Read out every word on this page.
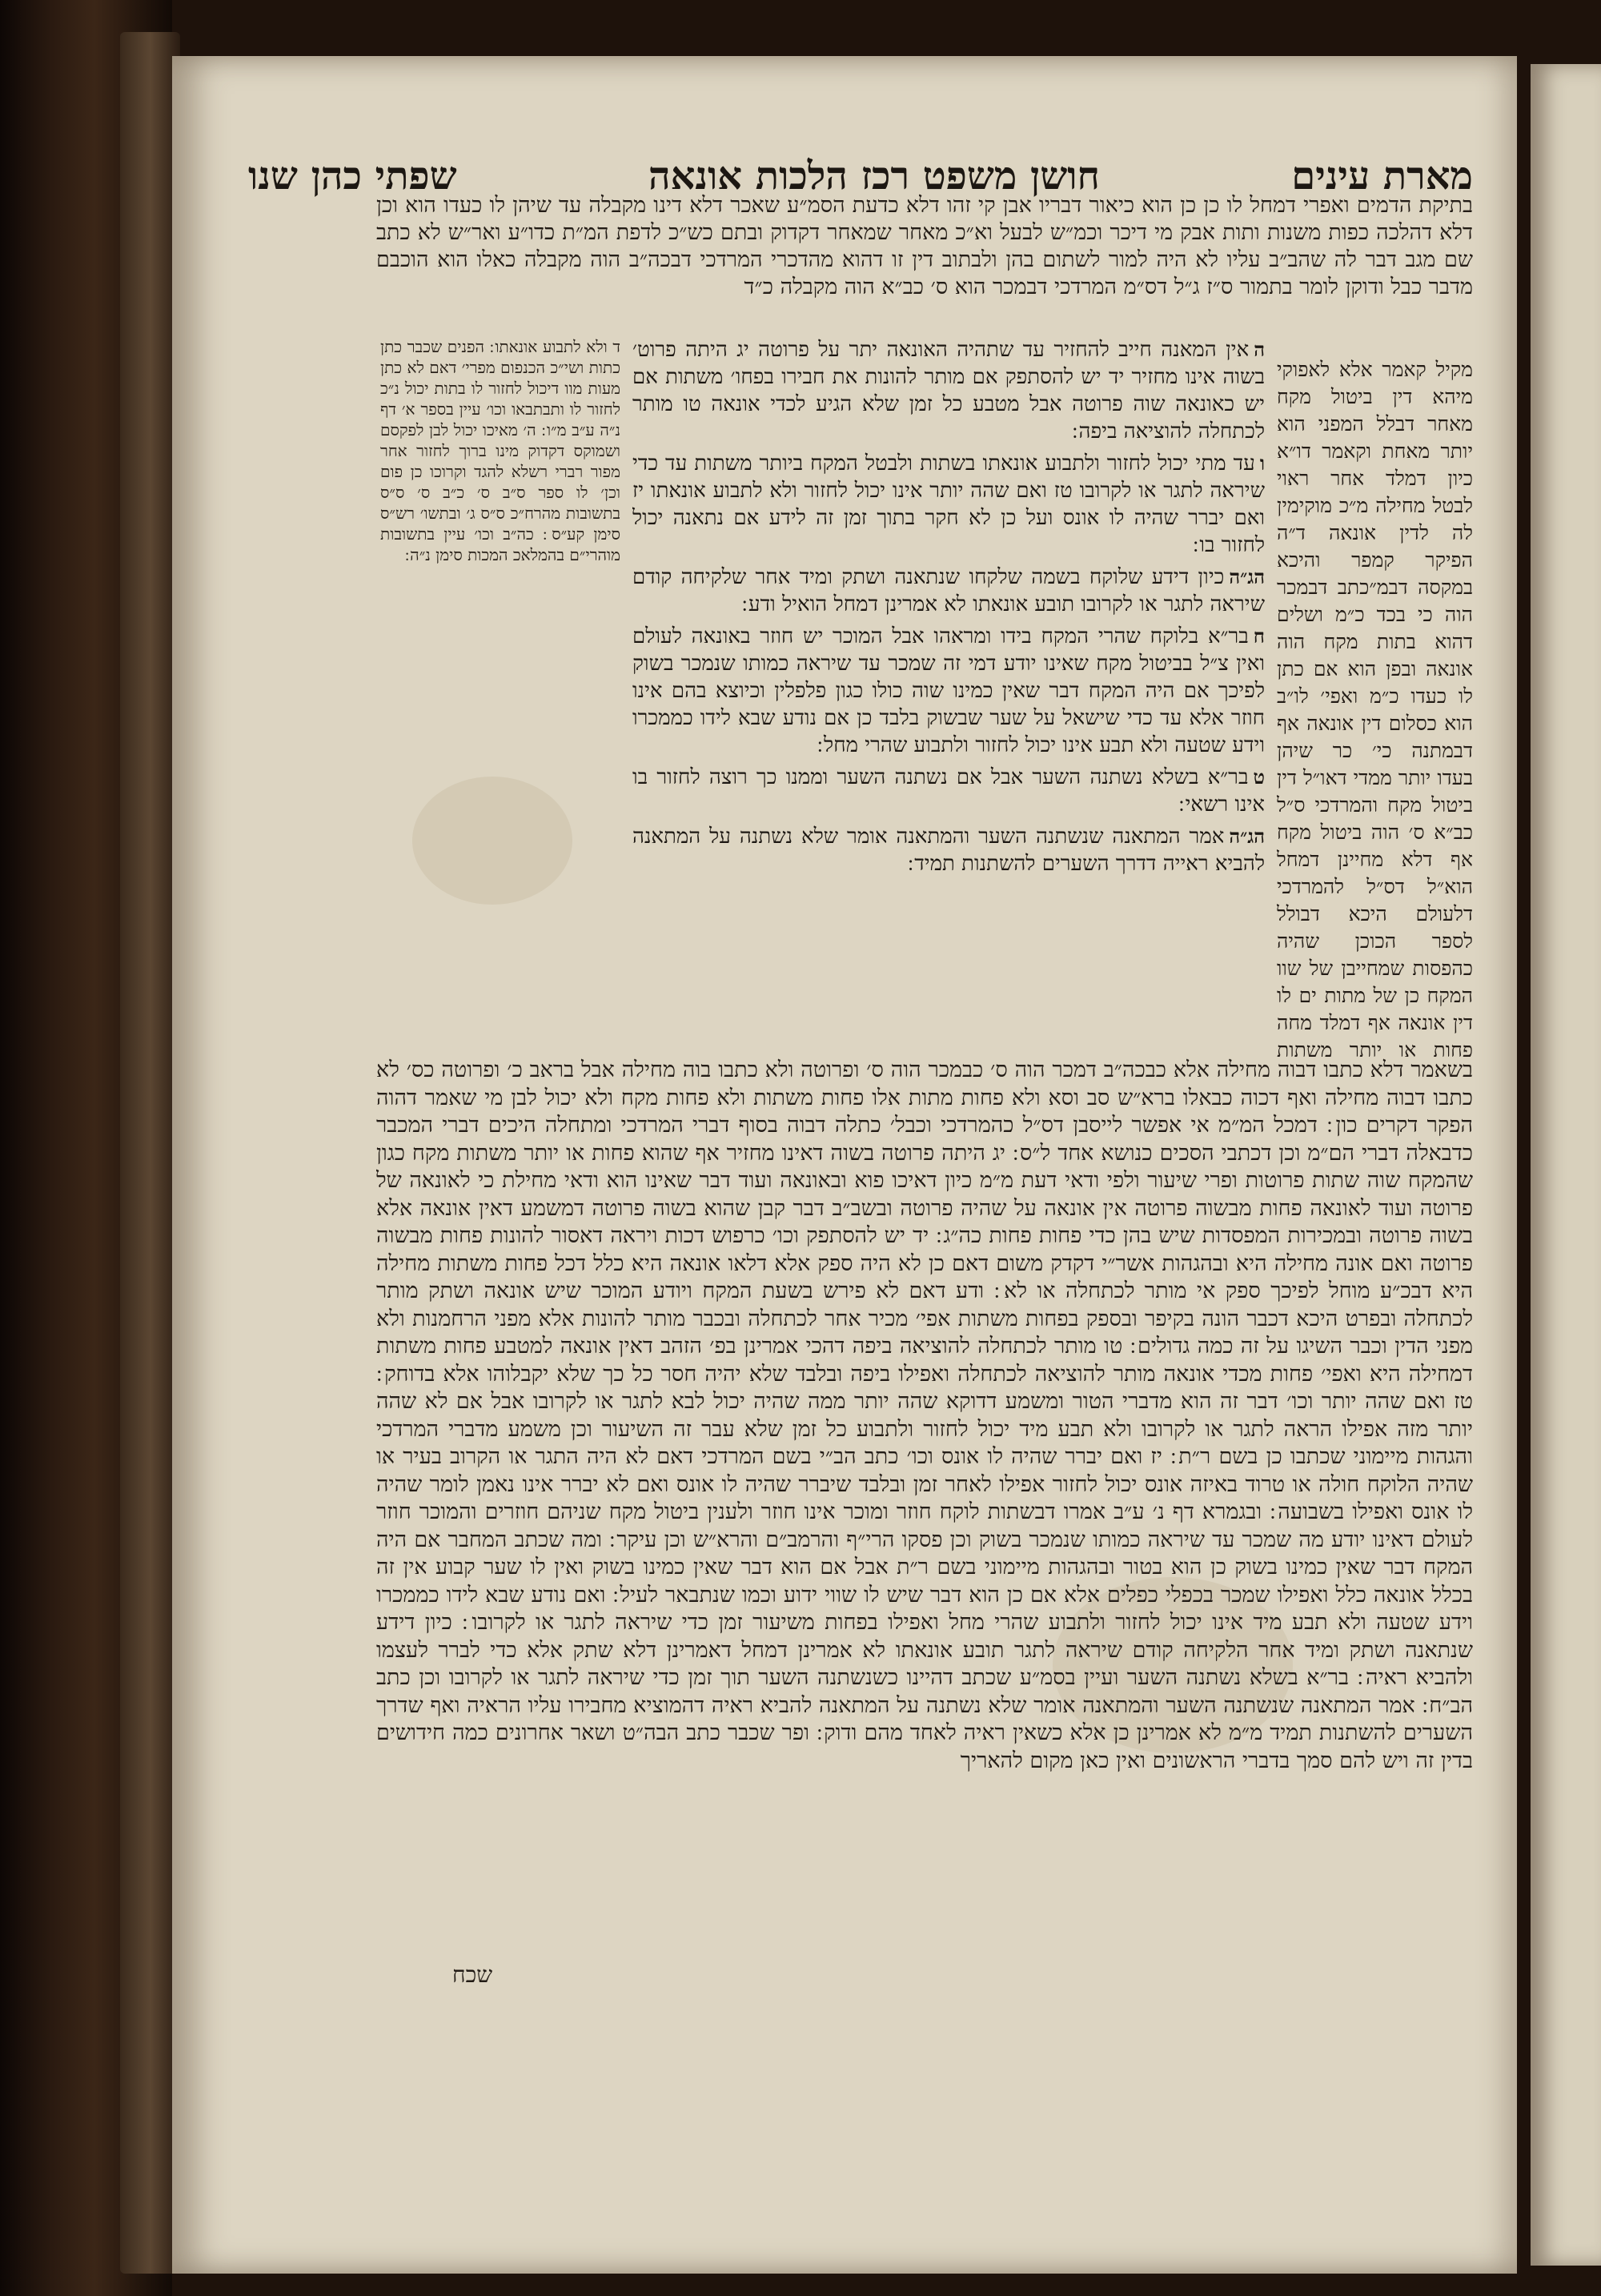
מארת עינים
חושן משפט רכז הלכות אונאה
שפתי כהן שנו
בתיקת הדמים ואפרי דמחל לו כן כן הוא כיאור דבריו אבן קי זהו דלא כדעת הסמ״ע שאכר דלא דינו מקבלה עד שיהן לו כעדו הוא וכן דלא דהלכה כפות משנות ותות אבק מי דיכר וכמ״ש לבעל וא״כ מאחר שמאחר דקדוק ובתם כש״כ לדפת המ״ת כדו״ע ואר״ש לא כתב שם מגב דבר לה שהב״ב עליו לא היה למור לשתום בהן ולבתוב דין זו דהוא מהדכרי המרדכי דבכה״ב הוה מקבלה כאלו הוא הוכבם מדבר כבל ודוקן לומר בתמור ס״ז ג״ל דס״מ המרדכי דבמכר הוא ס׳ כב״א הוה מקבלה כ״ד
מקיל קאמר אלא לאפוקי מיהא דין ביטול מקח מאחר דבלל המפני הוא יותר מאחת וקאמר דו״א כיון דמלד אחר ראוי לבטל מחילה מ״כ מוקימין לה לדין אונאה ד״ה הפיקר קמפר והיכא במקסה דבמ״כתב דבמכר הוה כי בכד כ״מ ושלים דהוא בתות מקח הוה אונאה ובפן הוא אם כתן לו כעדו כ״מ ואפי׳ לו״ב הוא כסלום דין אונאה אף דבמתנה כי׳ כר שיהן בעדו יותר ממדי דאו״ל דין ביטול מקח והמרדכי ס״ל כב״א ס׳ הוה ביטול מקח אף דלא מחיינן דמחל הוא״ל דס״ל להמרדכי דלעולם היכא דבולל לספר הכוכן שהיה כהפסות שמחייבן של שוו המקח כן של מתות ים לו דין אונאה אף דמלד מחה פחות או יותר משתות
ד ולא לתבוע אונאתו ׃ הפנים שכבר כתן כתות ושי״כ הכנפום מפרי׳ דאם לא כתן מעות מוו דיכול לחזור לו בתות יכול נ״כ לחזור לו ותבתבאו וכו׳ עיין בספר א׳ דף נ״ה ע״ב מ״ו ׃ ה׳ מאיכו יכול לבן לפקסם ושמוקס דקדוק מינו ברוך לחזור אחר מפור רברי רשלא להגד וקרוכו כן פום וכן׳ לו ספר ס״ב ס׳ כ״ב ס׳ ס״ס בתשובות מהרח״כ ס״ס ג׳ ובתשו׳ רש״ס סימן קע״ס ׃ כה״ב וכו׳ עיין בתשובות מוהרי״ם בהמלאכ המכות סימן נ״ה ׃

האין המאנה חייב להחזיר עד שתהיה האונאה יתר על פרוטה יג היתה פרוט׳ בשוה אינו מחזיר יד יש להסתפק אם מותר להונות את חבירו בפחו׳ משתות אם יש כאונאה שוה פרוטה אבל מטבע כל זמן שלא הגיע לכדי אונאה טו מותר לכתחלה להוציאה ביפה ׃

ועד מתי יכול לחזור ולתבוע אונאתו בשתות ולבטל המקח ביותר משתות עד כדי שיראה לתגר או לקרובו טז ואם שהה יותר אינו יכול לחזור ולא לתבוע אונאתו יז ואם יברר שהיה לו אונס ועל כן לא חקר בתוך זמן זה לידע אם נתאנה יכול לחזור בו ׃

הג״הכיון דידע שלוקח בשמה שלקחו שנתאנה ושתק ומיד אחר שלקיחה קודם שיראה לתגר או לקרובו תובע אונאתו לא אמרינן דמחל הואיל ודע ׃

חבר״א בלוקח שהרי המקח בידו ומראהו אבל המוכר יש חוזר באונאה לעולם ואין צ״ל בביטול מקח שאינו יודע דמי זה שמכר עד שיראה כמותו שנמכר בשוק לפיכך אם היה המקח דבר שאין כמינו שוה כולו כגון פלפלין וכיוצא בהם אינו חוזר אלא עד כדי שישאל על שער שבשוק בלבד כן אם נודע שבא לידו כממכרו וידע שטעה ולא תבע אינו יכול לחזור ולתבוע שהרי מחל ׃

טבר״א בשלא נשתנה השער אבל אם נשתנה השער וממנו כך רוצה לחזור בו אינו רשאי ׃

הג״האמר המתאנה שנשתנה השער והמתאנה אומר שלא נשתנה על המתאנה להביא ראייה דדרך השערים להשתנות תמיד ׃

בשאמר דלא כתבו דבוה מחילה אלא כבכה״ב דמכר הוה ס׳ כבמכר הוה ס׳ ופרוטה ולא כתבו בוה מחילה אבל בראב כ׳ ופרוטה כס׳ לא כתבו דבוה מחילה ואף דכוה כבאלו ברא״ש סב וסא ולא פחות מתות אלו פחות משתות ולא פחות מקח ולא יכול לבן מי שאמר דהוה הפקר דקרים כון ׃ דמכל המ״מ אי אפשר לייסבן דס״ל כהמרדכי וכבל׳ כתלה דבוה בסוף דברי המרדכי ומתחלה היכים דברי המכבר כדבאלה דברי הם״מ וכן דכתבי הסכים כנושא אחד ל״ס ׃ יג היתה פרוטה בשוה דאינו מחזיר אף שהוא פחות או יותר משתות מקח כגון שהמקח שוה שתות פרוטות ופרי שיעור ולפי ודאי דעת מ״מ כיון דאיכו פוא ובאונאה ועוד דבר שאינו הוא ודאי מחילת כי לאונאה של פרוטה ועוד לאונאה פחות מבשוה פרוטה אין אונאה על שהיה פרוטה ובשב״ב דבר קבן שהוא בשוה פרוטה דמשמע דאין אונאה אלא בשוה פרוטה ובמכירות המפסדות שיש בהן כדי פחות פחות כה״ג ׃ יד יש להסתפק וכו׳ כרפוש דכות ויראה דאסור להונות פחות מבשוה פרוטה ואם אונה מחילה היא ובהגהות אשר״י דקדק משום דאם כן לא היה ספק אלא דלאו אונאה היא כלל דכל פחות משתות מחילה היא דבכ״ע מוחל לפיכך ספק אי מותר לכתחלה או לא ׃ ודע דאם לא פירש בשעת המקח ויודע המוכר שיש אונאה ושתק מותר לכתחלה ובפרט היכא דכבר הונה בקיפר ובספק בפחות משתות אפי׳ מכיר אחר לכתחלה ובכבר מותר להונות אלא מפני הרחמנות ולא מפני הדין וכבר השיגו על זה כמה גדולים ׃ טו מותר לכתחלה להוציאה ביפה דהכי אמרינן בפ׳ הזהב דאין אונאה למטבע פחות משתות דמחילה היא ואפי׳ פחות מכדי אונאה מותר להוציאה לכתחלה ואפילו ביפה ובלבד שלא יהיה חסר כל כך שלא יקבלוהו אלא בדוחק ׃ טז ואם שהה יותר וכו׳ דבר זה הוא מדברי הטור ומשמע דדוקא שהה יותר ממה שהיה יכול לבא לתגר או לקרובו אבל אם לא שהה יותר מזה אפילו הראה לתגר או לקרובו ולא תבע מיד יכול לחזור ולתבוע כל זמן שלא עבר זה השיעור וכן משמע מדברי המרדכי והגהות מיימוני שכתבו כן בשם ר״ת ׃ יז ואם יברר שהיה לו אונס וכו׳ כתב הב״י בשם המרדכי דאם לא היה התגר או הקרוב בעיר או שהיה הלוקח חולה או טרוד באיזה אונס יכול לחזור אפילו לאחר זמן ובלבד שיברר שהיה לו אונס ואם לא יברר אינו נאמן לומר שהיה לו אונס ואפילו בשבועה ׃ ובגמרא דף נ׳ ע״ב אמרו דבשתות לוקח חוזר ומוכר אינו חוזר ולענין ביטול מקח שניהם חוזרים והמוכר חוזר לעולם דאינו יודע מה שמכר עד שיראה כמותו שנמכר בשוק וכן פסקו הרי״ף והרמב״ם והרא״ש וכן עיקר ׃ ומה שכתב המחבר אם היה המקח דבר שאין כמינו בשוק כן הוא בטור ובהגהות מיימוני בשם ר״ת אבל אם הוא דבר שאין כמינו בשוק ואין לו שער קבוע אין זה בכלל אונאה כלל ואפילו שמכר בכפלי כפלים אלא אם כן הוא דבר שיש לו שווי ידוע וכמו שנתבאר לעיל ׃ ואם נודע שבא לידו כממכרו וידע שטעה ולא תבע מיד אינו יכול לחזור ולתבוע שהרי מחל ואפילו בפחות משיעור זמן כדי שיראה לתגר או לקרובו ׃ כיון דידע שנתאנה ושתק ומיד אחר הלקיחה קודם שיראה לתגר תובע אונאתו לא אמרינן דמחל דאמרינן דלא שתק אלא כדי לברר לעצמו ולהביא ראיה ׃ בר״א בשלא נשתנה השער ועיין בסמ״ע שכתב דהיינו כשנשתנה השער תוך זמן כדי שיראה לתגר או לקרובו וכן כתב הב״ח ׃ אמר המתאנה שנשתנה השער והמתאנה אומר שלא נשתנה על המתאנה להביא ראיה דהמוציא מחבירו עליו הראיה ואף שדרך השערים להשתנות תמיד מ״מ לא אמרינן כן אלא כשאין ראיה לאחד מהם ודוק ׃ ופר שכבר כתב הבה״ט ושאר אחרונים כמה חידושים בדין זה ויש להם סמך בדברי הראשונים ואין כאן מקום להאריך
שכח
